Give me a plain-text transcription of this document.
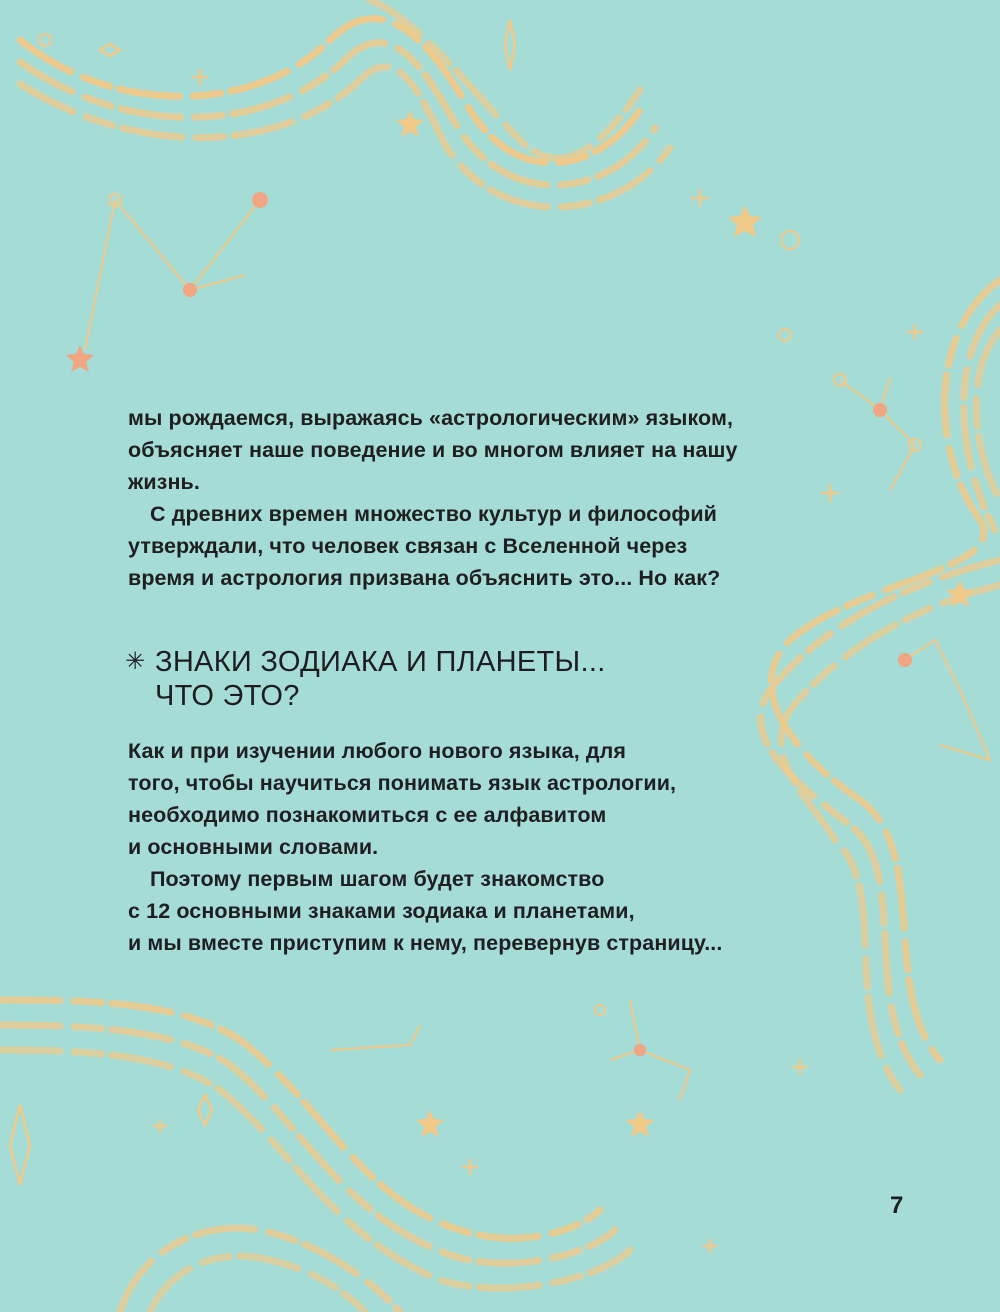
мы рождаемся, выражаясь «астрологическим» языком,

объясняет наше поведение и во многом влияет на нашу

жизнь.

С древних времен множество культур и философий

утверждали, что человек связан с Вселенной через

время и астрология призвана объяснить это... Но как?

✳ ЗНАКИ ЗОДИАКА И ПЛАНЕТЫ...
ЧТО ЭТО?

Как и при изучении любого нового языка, для

того, чтобы научиться понимать язык астрологии,

необходимо познакомиться с ее алфавитом

и основными словами.

Поэтому первым шагом будет знакомство

с 12 основными знаками зодиака и планетами,

и мы вместе приступим к нему, перевернув страницу...

7
